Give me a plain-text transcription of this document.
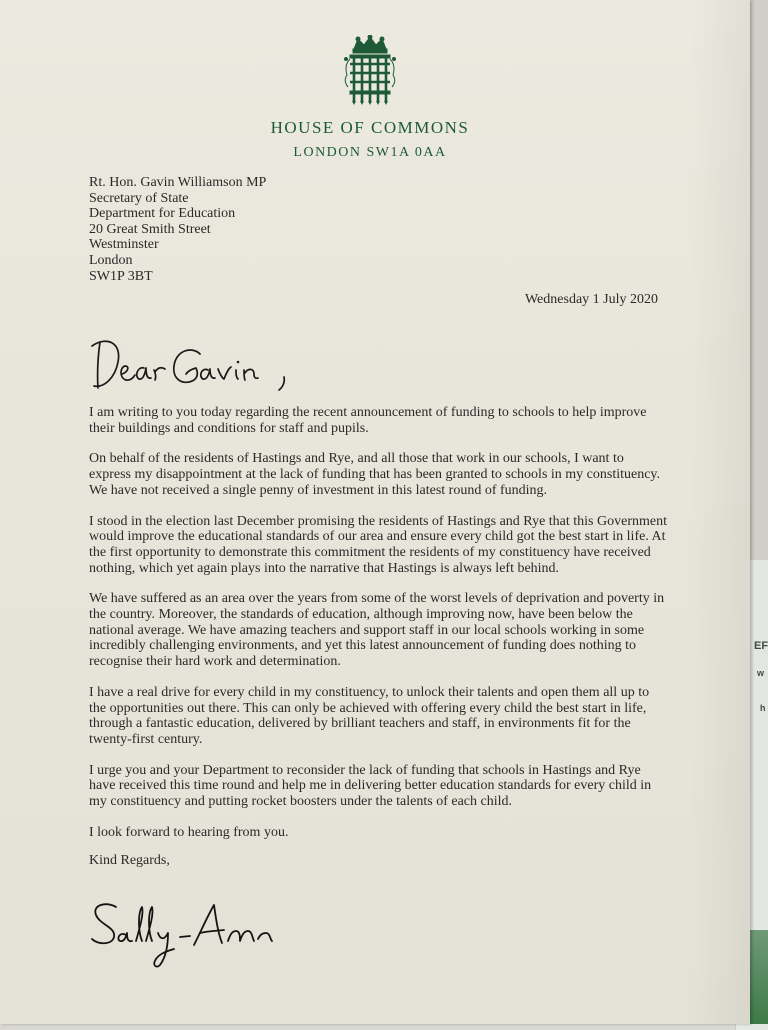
EF
w
h
HOUSE OF COMMONS
LONDON SW1A 0AA
Rt. Hon. Gavin Williamson MP
Secretary of State
Department for Education
20 Great Smith Street
Westminster
London
SW1P 3BT
Wednesday 1 July 2020

I am writing to you today regarding the recent announcement of funding to schools to help improve their buildings and conditions for staff and pupils.

On behalf of the residents of Hastings and Rye, and all those that work in our schools, I want to express my disappointment at the lack of funding that has been granted to schools in my constituency. We have not received a single penny of investment in this latest round of funding.

I stood in the election last December promising the residents of Hastings and Rye that this Government would improve the educational standards of our area and ensure every child got the best start in life. At the first opportunity to demonstrate this commitment the residents of my constituency have received nothing, which yet again plays into the narrative that Hastings is always left behind.

We have suffered as an area over the years from some of the worst levels of deprivation and poverty in the country. Moreover, the standards of education, although improving now, have been below the national average. We have amazing teachers and support staff in our local schools working in some incredibly challenging environments, and yet this latest announcement of funding does nothing to recognise their hard work and determination.

I have a real drive for every child in my constituency, to unlock their talents and open them all up to the opportunities out there. This can only be achieved with offering every child the best start in life, through a fantastic education, delivered by brilliant teachers and staff, in environments fit for the twenty-first century.

I urge you and your Department to reconsider the lack of funding that schools in Hastings and Rye have received this time round and help me in delivering better education standards for every child in my constituency and putting rocket boosters under the talents of each child.

I look forward to hearing from you.

Kind Regards,
